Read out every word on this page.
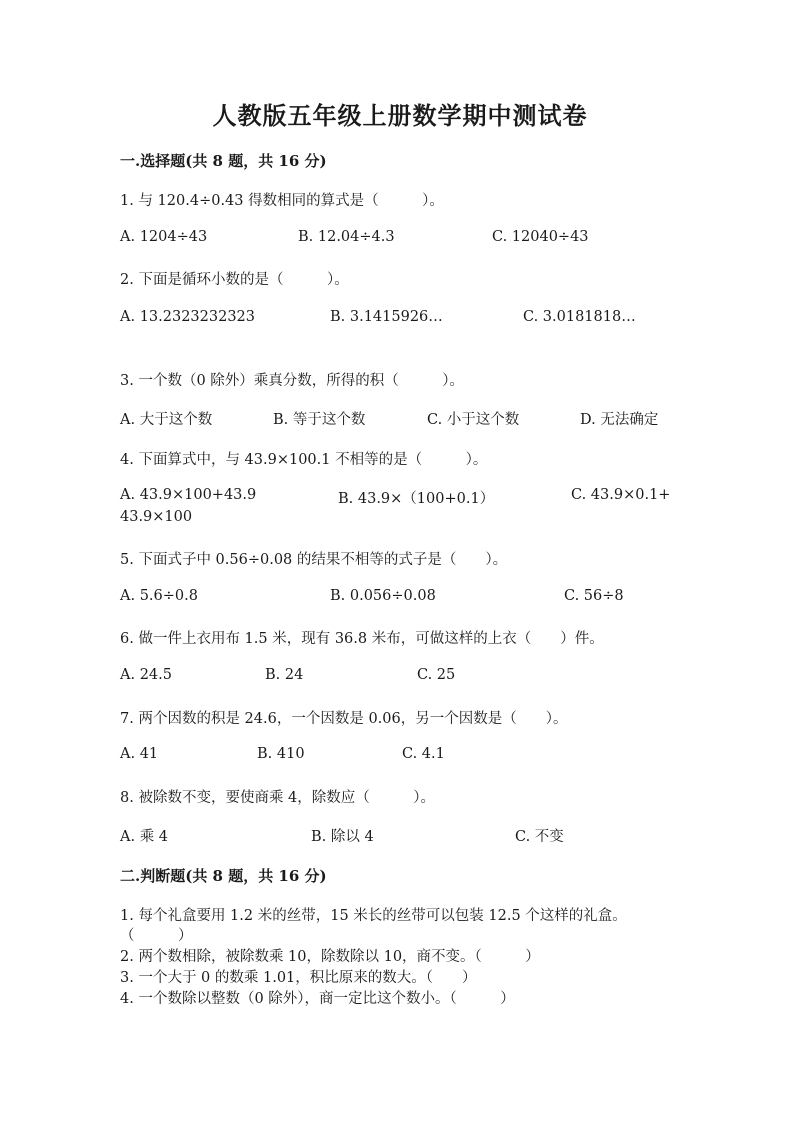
人教版五年级上册数学期中测试卷
一.选择题(共 8 题，共 16 分)
1. 与 120.4÷0.43 得数相同的算式是（　　　）。
A. 1204÷43	B. 12.04÷4.3	C. 12040÷43
2. 下面是循环小数的是（　　　）。
A. 13.2323232323	B. 3.1415926…	C. 3.0181818…
3. 一个数（0 除外）乘真分数，所得的积（　　　）。
A. 大于这个数	B. 等于这个数	C. 小于这个数	D. 无法确定
4. 下面算式中，与 43.9×100.1 不相等的是（　　　）。
A. 43.9×100+43.9	B. 43.9×（100+0.1）	C. 43.9×0.1+
43.9×100
5. 下面式子中 0.56÷0.08 的结果不相等的式子是（　　）。
A. 5.6÷0.8	B. 0.056÷0.08	C. 56÷8
6. 做一件上衣用布 1.5 米，现有 36.8 米布，可做这样的上衣（　　）件。
A. 24.5	B. 24	C. 25
7. 两个因数的积是 24.6，一个因数是 0.06，另一个因数是（　　）。
A. 41	B. 410	C. 4.1
8. 被除数不变，要使商乘 4，除数应（　　　）。
A. 乘 4	B. 除以 4	C. 不变
二.判断题(共 8 题，共 16 分)
1. 每个礼盒要用 1.2 米的丝带，15 米长的丝带可以包装 12.5 个这样的礼盒。
（　　　）
2. 两个数相除，被除数乘 10，除数除以 10，商不变。（　　　）
3. 一个大于 0 的数乘 1.01，积比原来的数大。（　　）
4. 一个数除以整数（0 除外），商一定比这个数小。（　　　）
